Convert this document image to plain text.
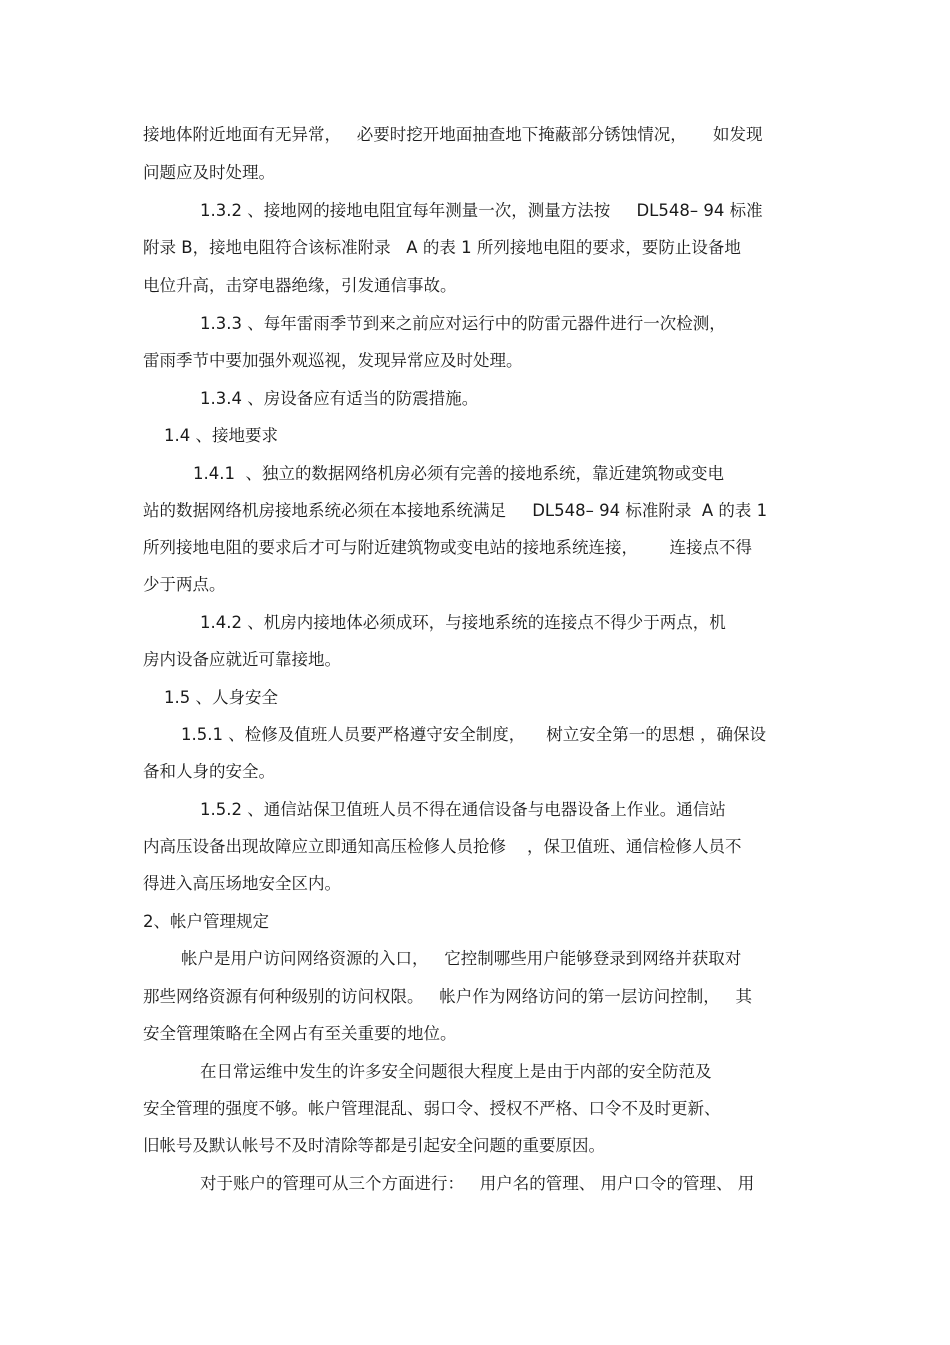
接地体附近地面有无异常，   必要时挖开地面抽查地下掩蔽部分锈蚀情况，     如发现
问题应及时处理。
1.3.2 、接地网的接地电阻宜每年测量一次，测量方法按     DL548– 94 标准
附录 B，接地电阻符合该标准附录   A 的表 1 所列接地电阻的要求，要防止设备地
电位升高，击穿电器绝缘，引发通信事故。
1.3.3 、每年雷雨季节到来之前应对运行中的防雷元器件进行一次检测，
雷雨季节中要加强外观巡视，发现异常应及时处理。
1.3.4 、房设备应有适当的防震措施。
1.4 、接地要求
1.4.1  、独立的数据网络机房必须有完善的接地系统，靠近建筑物或变电
站的数据网络机房接地系统必须在本接地系统满足     DL548– 94 标准附录  A 的表 1
所列接地电阻的要求后才可与附近建筑物或变电站的接地系统连接，      连接点不得
少于两点。
1.4.2 、机房内接地体必须成环，与接地系统的连接点不得少于两点，机
房内设备应就近可靠接地。
1.5 、人身安全
1.5.1 、检修及值班人员要严格遵守安全制度，    树立安全第一的思想 ，确保设
备和人身的安全。
1.5.2 、通信站保卫值班人员不得在通信设备与电器设备上作业。通信站
内高压设备出现故障应立即通知高压检修人员抢修    ，保卫值班、通信检修人员不
得进入高压场地安全区内。
2、帐户管理规定
帐户是用户访问网络资源的入口，   它控制哪些用户能够登录到网络并获取对
那些网络资源有何种级别的访问权限。   帐户作为网络访问的第一层访问控制，   其
安全管理策略在全网占有至关重要的地位。
在日常运维中发生的许多安全问题很大程度上是由于内部的安全防范及
安全管理的强度不够。帐户管理混乱、弱口令、授权不严格、口令不及时更新、
旧帐号及默认帐号不及时清除等都是引起安全问题的重要原因。
对于账户的管理可从三个方面进行：   用户名的管理、 用户口令的管理、 用
